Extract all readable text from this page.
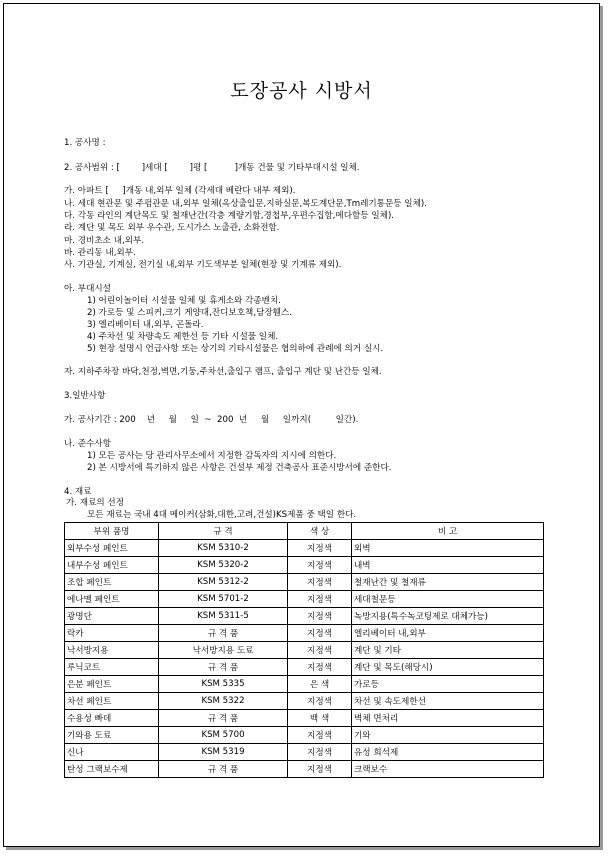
도장공사 시방서
1. 공사명 :
2. 공사범위 : [        ]세대 [        ]평 [          ]개동 건물 및 기타부대시설 일체.
가. 아파트 [     ]개동 내,외부 일체 (각세대 베란다 내부 제외).
나. 세대 현관문 및 주펌관문 내,외부 일체(옥상출입문,지하실문,복도계단문,Tm레기통문등 일체).
다. 각동 라인의 계단목도 및 철재난간(각층 계량기함,경첩부,우편수집함,메다함등 일체).
라. 계단 및 목도 외부 우수관, 도시가스 노출관, 소화전함.
마. 경비초소 내,외부.
바. 관리동 내,외부.
사. 기관실, 기계실, 전기실 내,외부 기도색부분 일체(현장 및 기계류 제외).
아. 부대시설
1) 어린이놀이터 시설물 일체 및 휴게소와 각종벤치.
2) 가로등 및 스피커,크기 게양대,잔디보호책,담장휀스.
3) 엘리베이터 내,외부, 곤돌라.
4) 주차선 및 차량속도 제한선 등 기타 시설물 일체.
5) 현장 설명시 언급사항 또는 상기의 기타시설물은 협의하에 관례에 의거 실시.
자. 지하주차장 바닥,천정,벽면,기둥,주차선,출입구 램프, 출입구 계단 및 난간등 일체.
3.일반사항
가. 공사기간 : 200    년     월     일  ~  200  년     월     일까지(         일간).
나. 준수사항
1) 모든 공사는 당 관리사무소에서 지정한 감독자의 지시에 의한다.
2) 본 시방서에 특기하지 않은 사항은 건설부 제정 건축공사 표준시방서에 준한다.
4. 재료
가. 재료의 선정
모든 재료는 국내 4대 메이커(삼화,대한,고려,건설)KS제품 중 택일 한다.
부위 품명	규 격	색 상	비 고
외부수성 페인트	KSM 5310-2	지정색	외벽
내부수성 페인트	KSM 5320-2	지정색	내벽
조합 페인트	KSM 5312-2	지정색	철재난간 및 철재류
에나멜 페인트	KSM 5701-2	지정색	세대철문등
광명단	KSM 5311-5	지정색	녹방지용(특수녹코팅제로 대체가능)
락카	규 격 품	지정색	엘리베이터 내,외부
낙서방지용	낙서방지용 도료	지정색	계단 및 기타
루닉코트	규 격 품	지정색	계단 및 목도(해당시)
은분 페인트	KSM 5335	은 색	가로등
차선 페인트	KSM 5322	지정색	차선 및 속도제한선
수용성 빠데	규 격 품	백 색	벽체 면처리
기와용 도료	KSM 5700	지정색	기와
신나	KSM 5319	지정색	유성 희석제
탄성 그랙보수제	규 격 품	지정색	크랙보수
